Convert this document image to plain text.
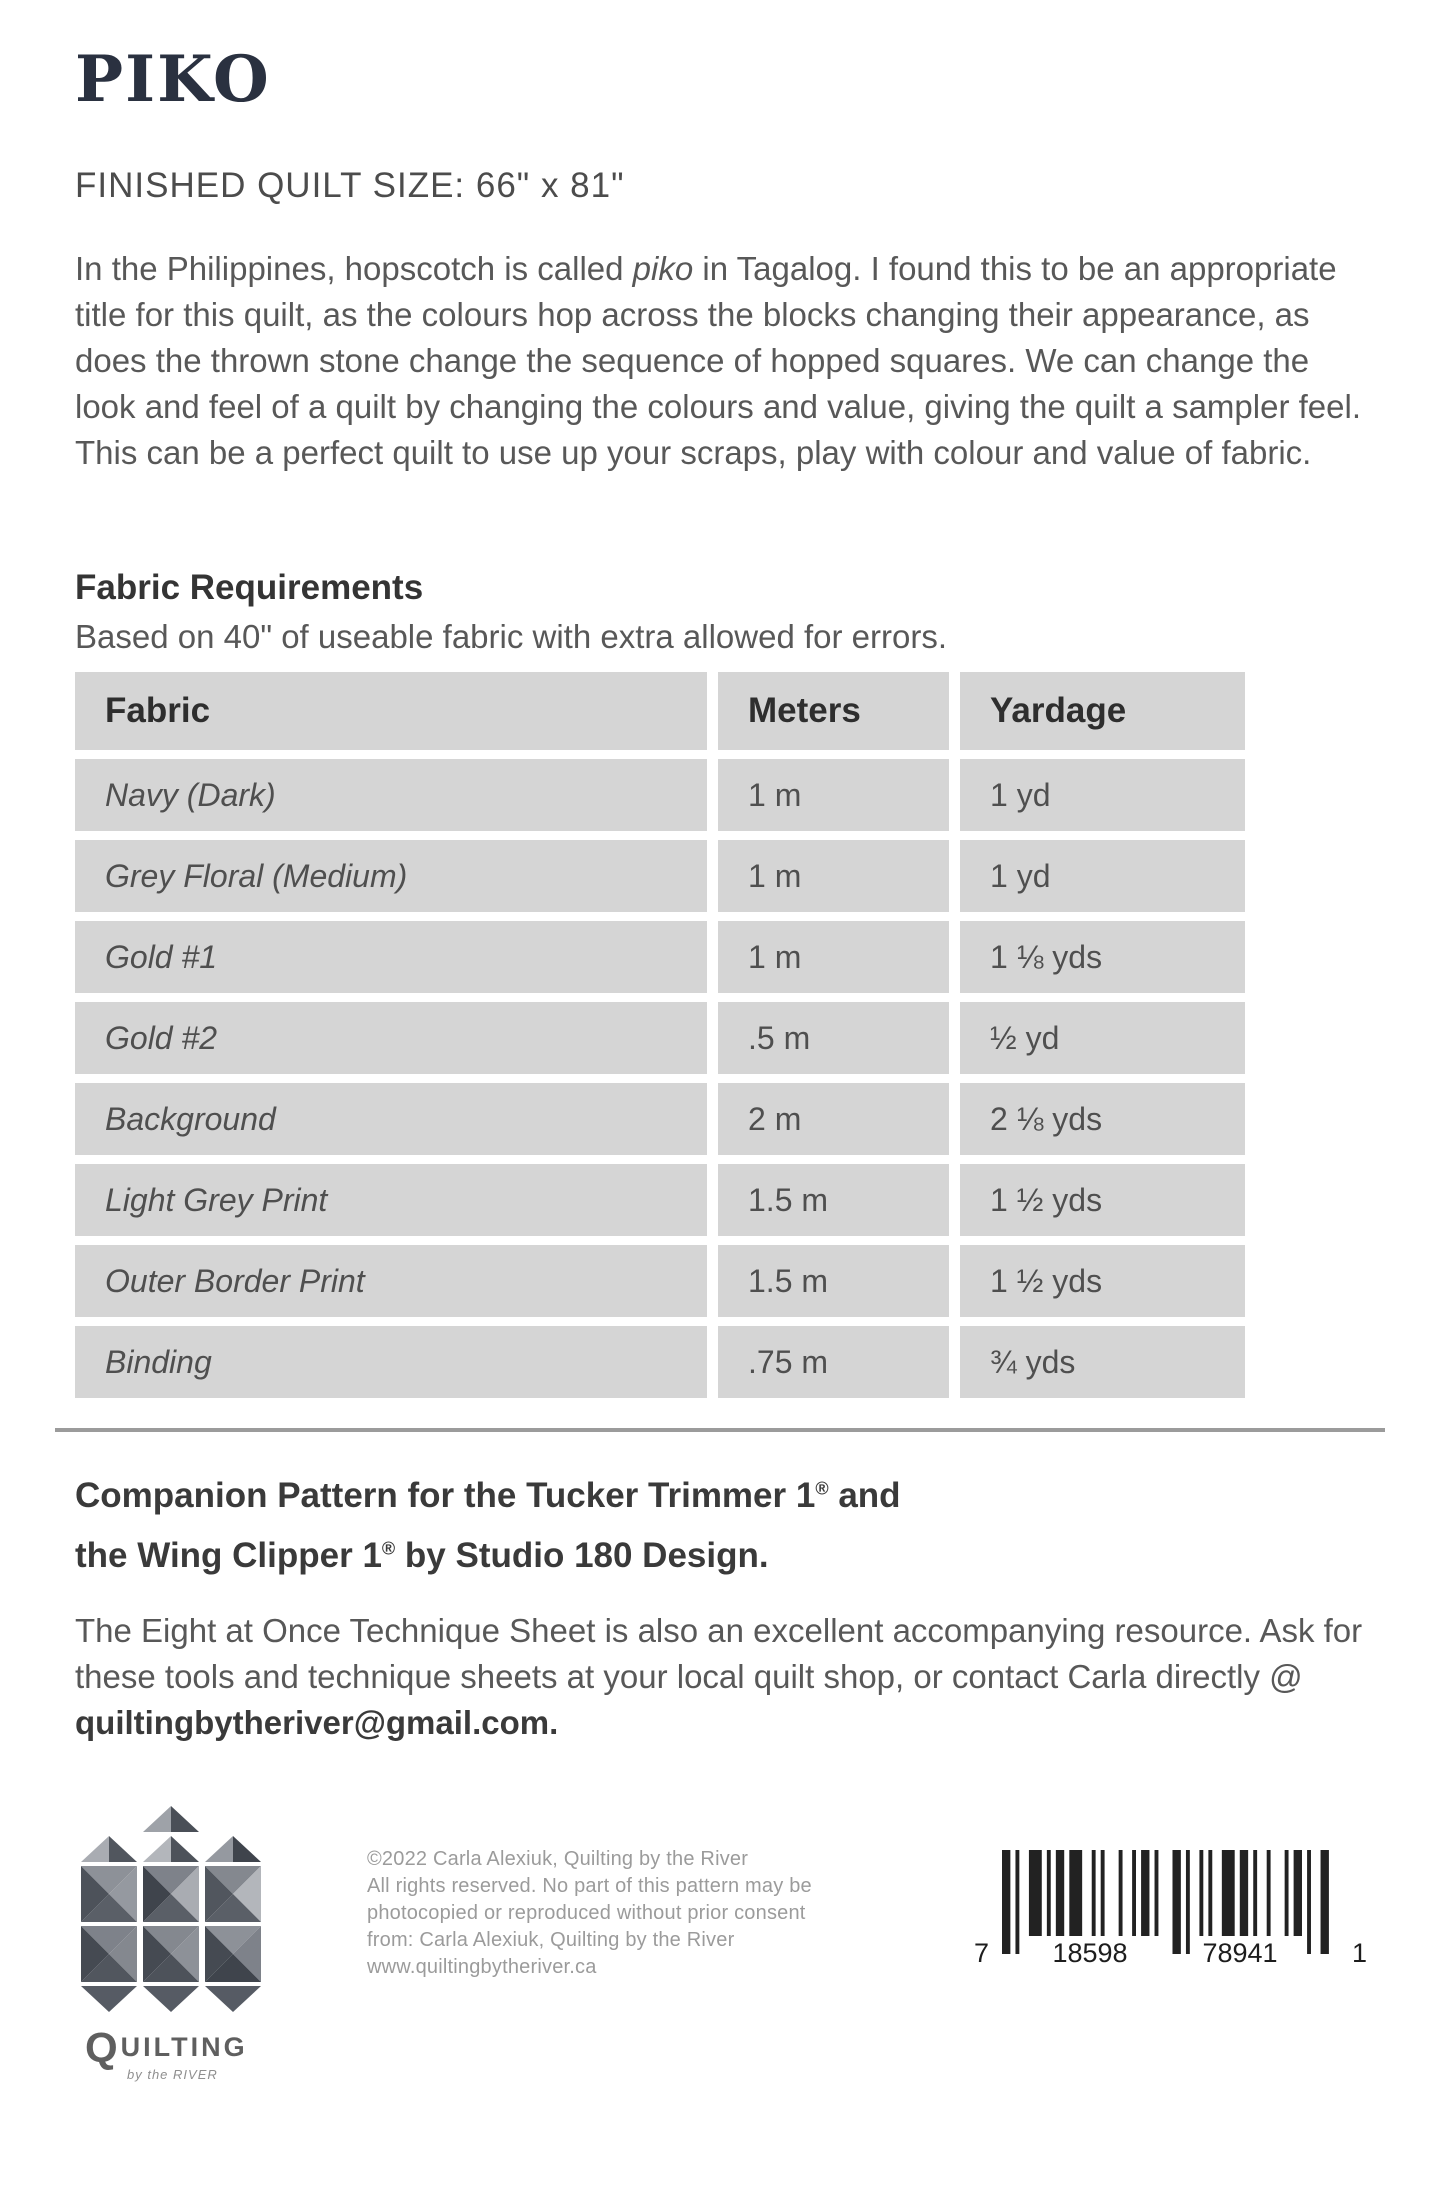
PIKO
FINISHED QUILT SIZE: 66" x 81"

In the Philippines, hopscotch is called piko in Tagalog. I found this to be an appropriate title for this quilt, as the colours hop across the blocks changing their appearance, as does the thrown stone change the sequence of hopped squares. We can change the look and feel of a quilt by changing the colours and value, giving the quilt a sampler feel. This can be a perfect quilt to use up your scraps, play with colour and value of fabric.

Fabric Requirements
Based on 40" of useable fabric with extra allowed for errors.
Fabric	Meters	Yardage
Navy (Dark)	1 m	1 yd
Grey Floral (Medium)	1 m	1 yd
Gold #1	1 m	1 ⅛ yds
Gold #2	.5 m	½ yd
Background	2 m	2 ⅛ yds
Light Grey Print	1.5 m	1 ½ yds
Outer Border Print	1.5 m	1 ½ yds
Binding	.75 m	¾ yds
Companion Pattern for the Tucker Trimmer 1® and
the Wing Clipper 1® by Studio 180 Design.

The Eight at Once Technique Sheet is also an excellent accompanying resource. Ask for these tools and technique sheets at your local quilt shop, or contact Carla directly @ quiltingbytheriver@gmail.com.

QUILTING
by the RIVER
©2022 Carla Alexiuk, Quilting by the River
All rights reserved. No part of this pattern may be
photocopied or reproduced without prior consent
from: Carla Alexiuk, Quilting by the River
www.quiltingbytheriver.ca	7 18598	78941	1
